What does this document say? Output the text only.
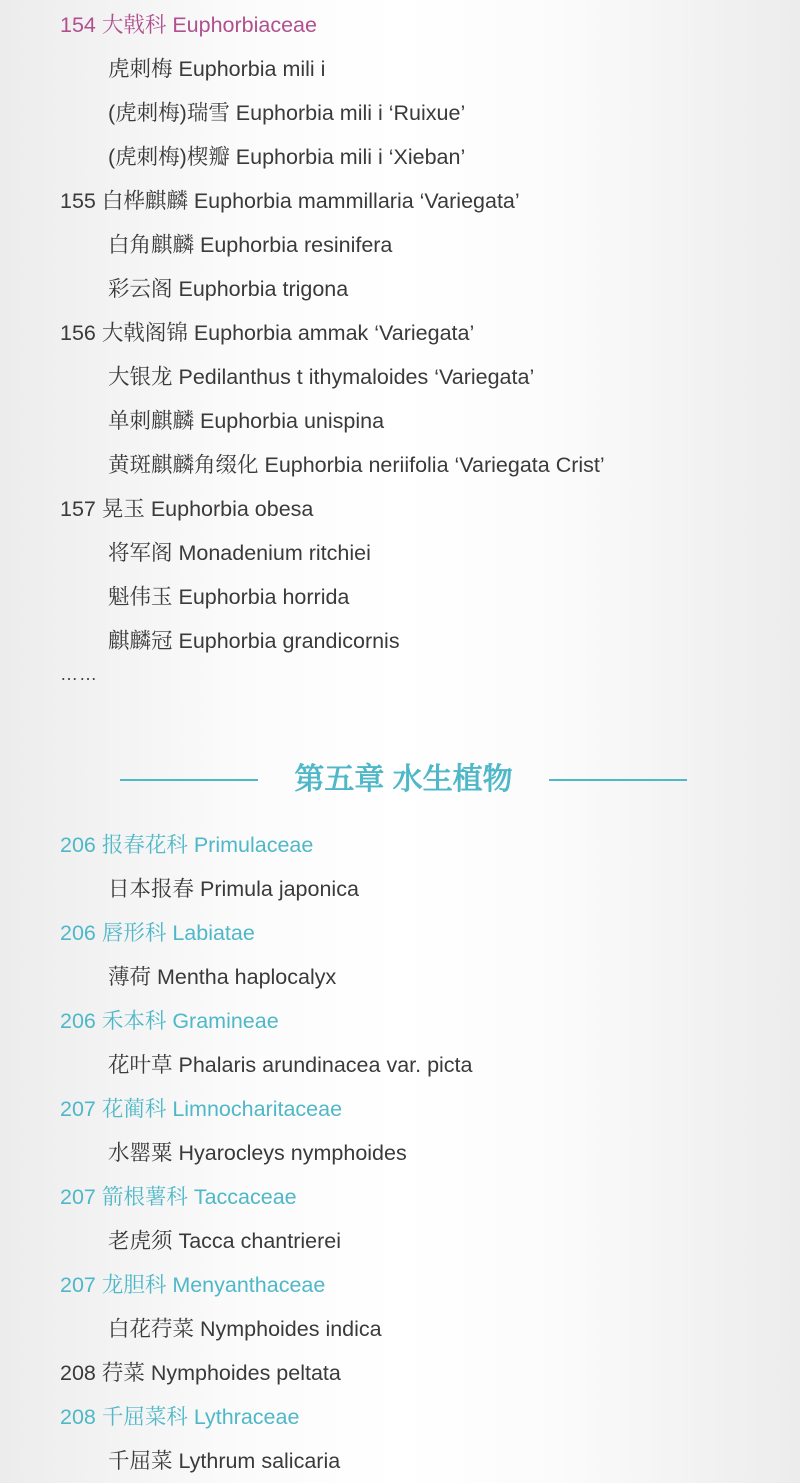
154 大戟科 Euphorbiaceae
虎刺梅 Euphorbia mili i
(虎刺梅)瑞雪 Euphorbia mili i ‘Ruixue’
(虎刺梅)楔瓣 Euphorbia mili i ‘Xieban’
155 白桦麒麟 Euphorbia mammillaria ‘Variegata’
白角麒麟 Euphorbia resinifera
彩云阁 Euphorbia trigona
156 大戟阁锦 Euphorbia ammak ‘Variegata’
大银龙 Pedilanthus t ithymaloides ‘Variegata’
单刺麒麟 Euphorbia unispina
黄斑麒麟角缀化 Euphorbia neriifolia ‘Variegata Crist’
157 晃玉 Euphorbia obesa
将军阁 Monadenium ritchiei
魁伟玉 Euphorbia horrida
麒麟冠 Euphorbia grandicornis
……
第五章 水生植物
206 报春花科 Primulaceae
日本报春 Primula japonica
206 唇形科 Labiatae
薄荷 Mentha haplocalyx
206 禾本科 Gramineae
花叶草 Phalaris arundinacea var. picta
207 花蔺科 Limnocharitaceae
水罂粟 Hyarocleys nymphoides
207 箭根薯科 Taccaceae
老虎须 Tacca chantrierei
207 龙胆科 Menyanthaceae
白花荇菜 Nymphoides indica
208 荇菜 Nymphoides peltata
208 千屈菜科 Lythraceae
千屈菜 Lythrum salicaria
